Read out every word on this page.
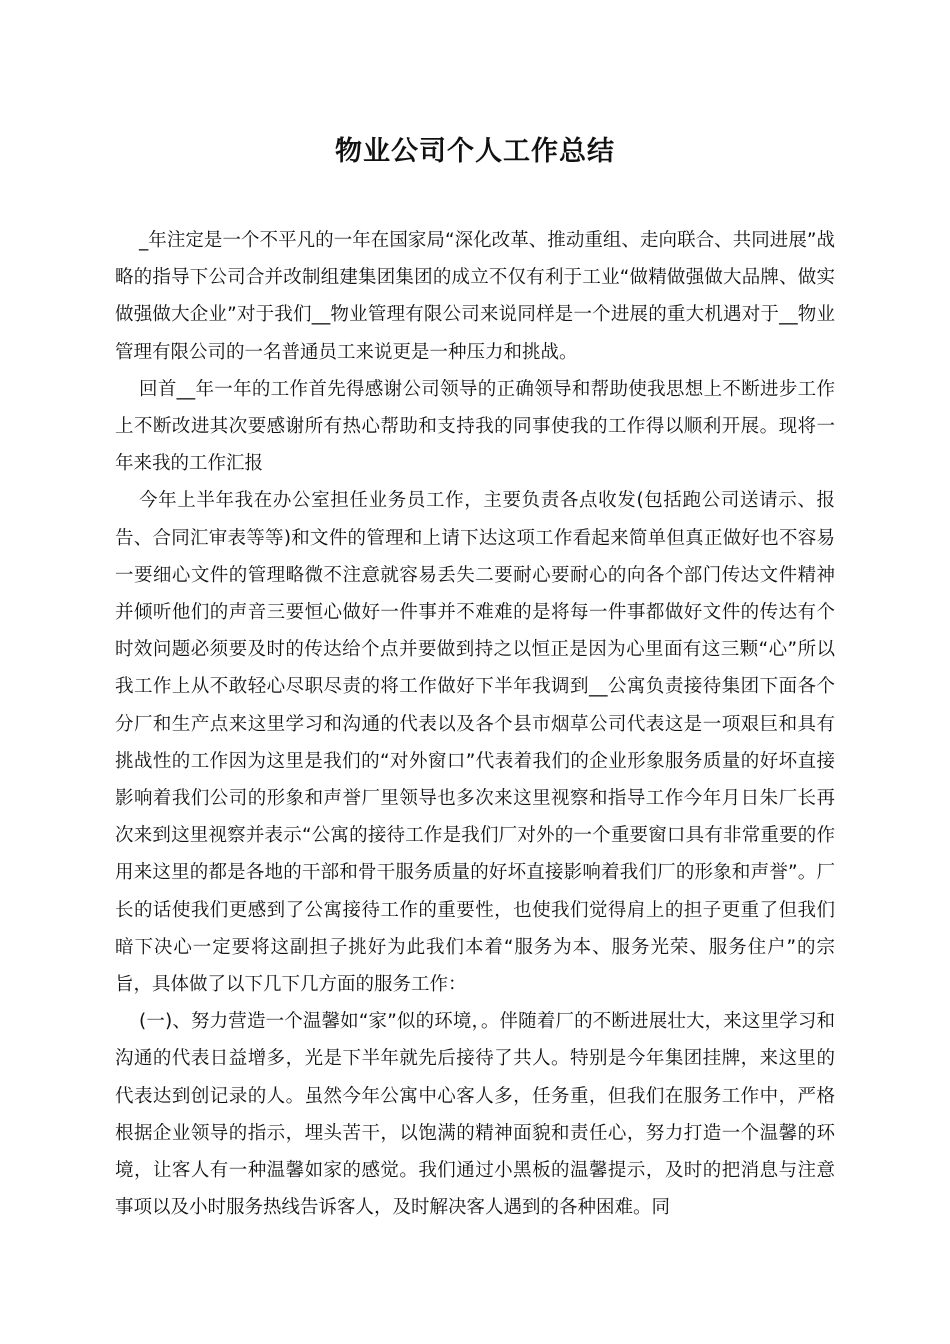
物业公司个人工作总结

_年注定是一个不平凡的一年在国家局“深化改革、推动重组、走向联合、共同进展”战略的指导下公司合并改制组建集团集团的成立不仅有利于工业“做精做强做大品牌、做实做强做大企业”对于我们__物业管理有限公司来说同样是一个进展的重大机遇对于__物业管理有限公司的一名普通员工来说更是一种压力和挑战。

回首__年一年的工作首先得感谢公司领导的正确领导和帮助使我思想上不断进步工作上不断改进其次要感谢所有热心帮助和支持我的同事使我的工作得以顺利开展。现将一年来我的工作汇报

今年上半年我在办公室担任业务员工作，主要负责各点收发(包括跑公司送请示、报告、合同汇审表等等)和文件的管理和上请下达这项工作看起来简单但真正做好也不容易一要细心文件的管理略微不注意就容易丢失二要耐心要耐心的向各个部门传达文件精神并倾听他们的声音三要恒心做好一件事并不难难的是将每一件事都做好文件的传达有个时效问题必须要及时的传达给个点并要做到持之以恒正是因为心里面有这三颗“心”所以我工作上从不敢轻心尽职尽责的将工作做好下半年我调到__公寓负责接待集团下面各个分厂和生产点来这里学习和沟通的代表以及各个县市烟草公司代表这是一项艰巨和具有挑战性的工作因为这里是我们的“对外窗口”代表着我们的企业形象服务质量的好坏直接影响着我们公司的形象和声誉厂里领导也多次来这里视察和指导工作今年月日朱厂长再次来到这里视察并表示“公寓的接待工作是我们厂对外的一个重要窗口具有非常重要的作用来这里的都是各地的干部和骨干服务质量的好坏直接影响着我们厂的形象和声誉”。厂长的话使我们更感到了公寓接待工作的重要性，也使我们觉得肩上的担子更重了但我们暗下决心一定要将这副担子挑好为此我们本着“服务为本、服务光荣、服务住户”的宗旨，具体做了以下几下几方面的服务工作：

(一)、努力营造一个温馨如“家”似的环境，。伴随着厂的不断进展壮大，来这里学习和沟通的代表日益增多，光是下半年就先后接待了共人。特别是今年集团挂牌，来这里的代表达到创记录的人。虽然今年公寓中心客人多，任务重，但我们在服务工作中，严格根据企业领导的指示，埋头苦干，以饱满的精神面貌和责任心，努力打造一个温馨的环境，让客人有一种温馨如家的感觉。我们通过小黑板的温馨提示，及时的把消息与注意事项以及小时服务热线告诉客人，及时解决客人遇到的各种困难。同
